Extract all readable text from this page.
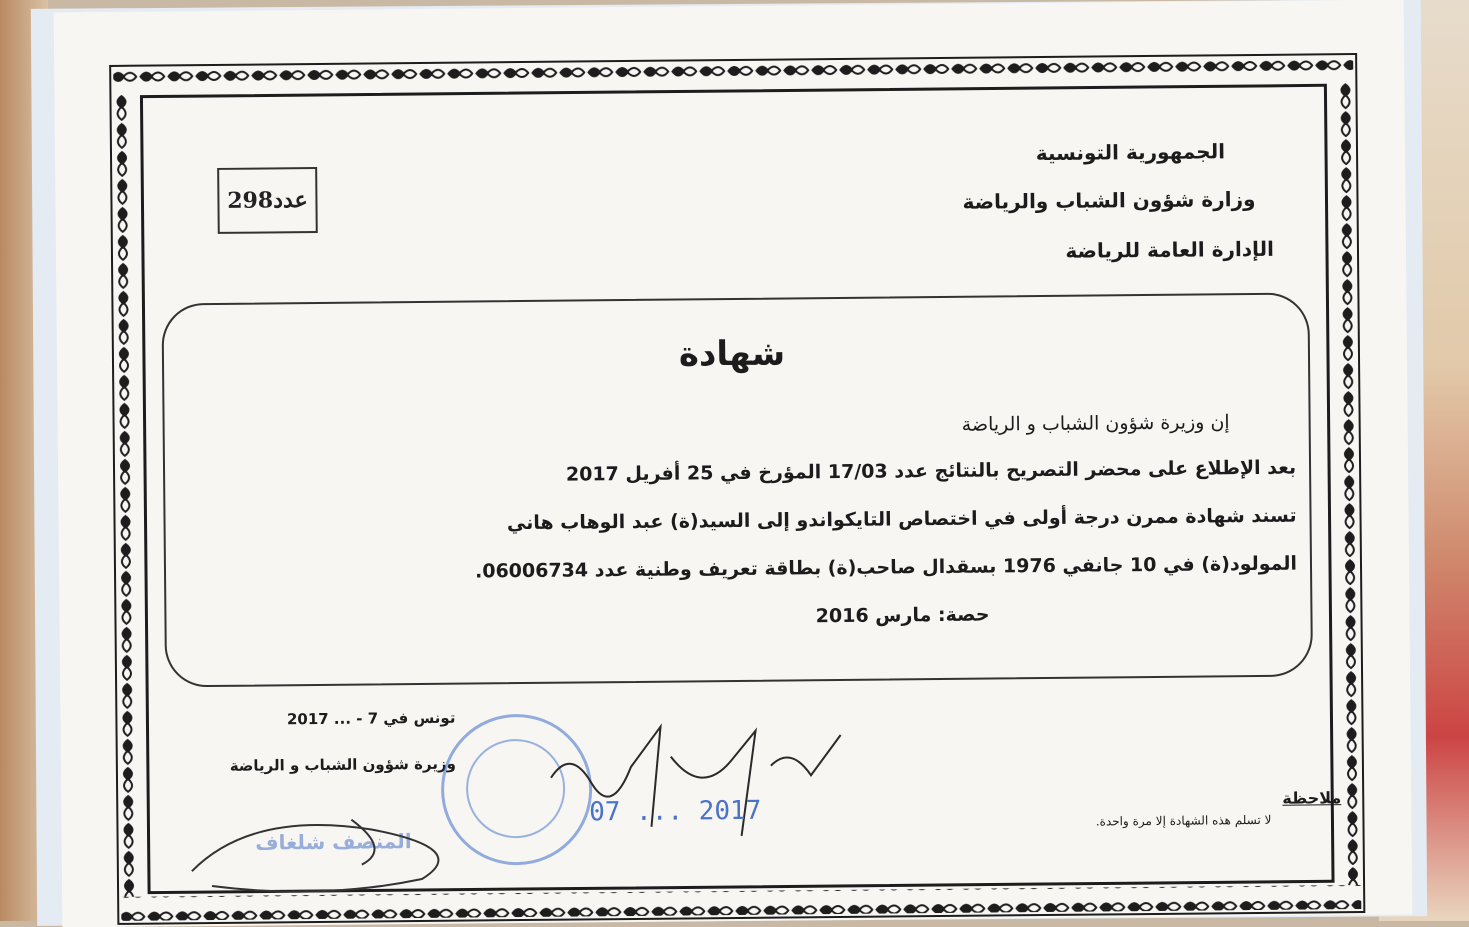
الجمهورية التونسية
وزارة شؤون الشباب والرياضة
الإدارة العامة للرياضة
عدد298
شهادة
إن وزيرة شؤون الشباب و الرياضة
بعد الإطلاع على محضر التصريح بالنتائج عدد 17/03 المؤرخ في 25 أفريل 2017
تسند شهادة ممرن درجة أولى في اختصاص التايكواندو إلى السيد(ة) عبد الوهاب هاني
المولود(ة) في 10 جانفي 1976 بسقدال صاحب(ة) بطاقة تعريف وطنية عدد 06006734.
حصة: مارس 2016
تونس في 7 - ... 2017
وزيرة شؤون الشباب و الرياضة
المنصف شلغاف
2017 ... 07	ملاحظة
لا تسلم هذه الشهادة إلا مرة واحدة.
